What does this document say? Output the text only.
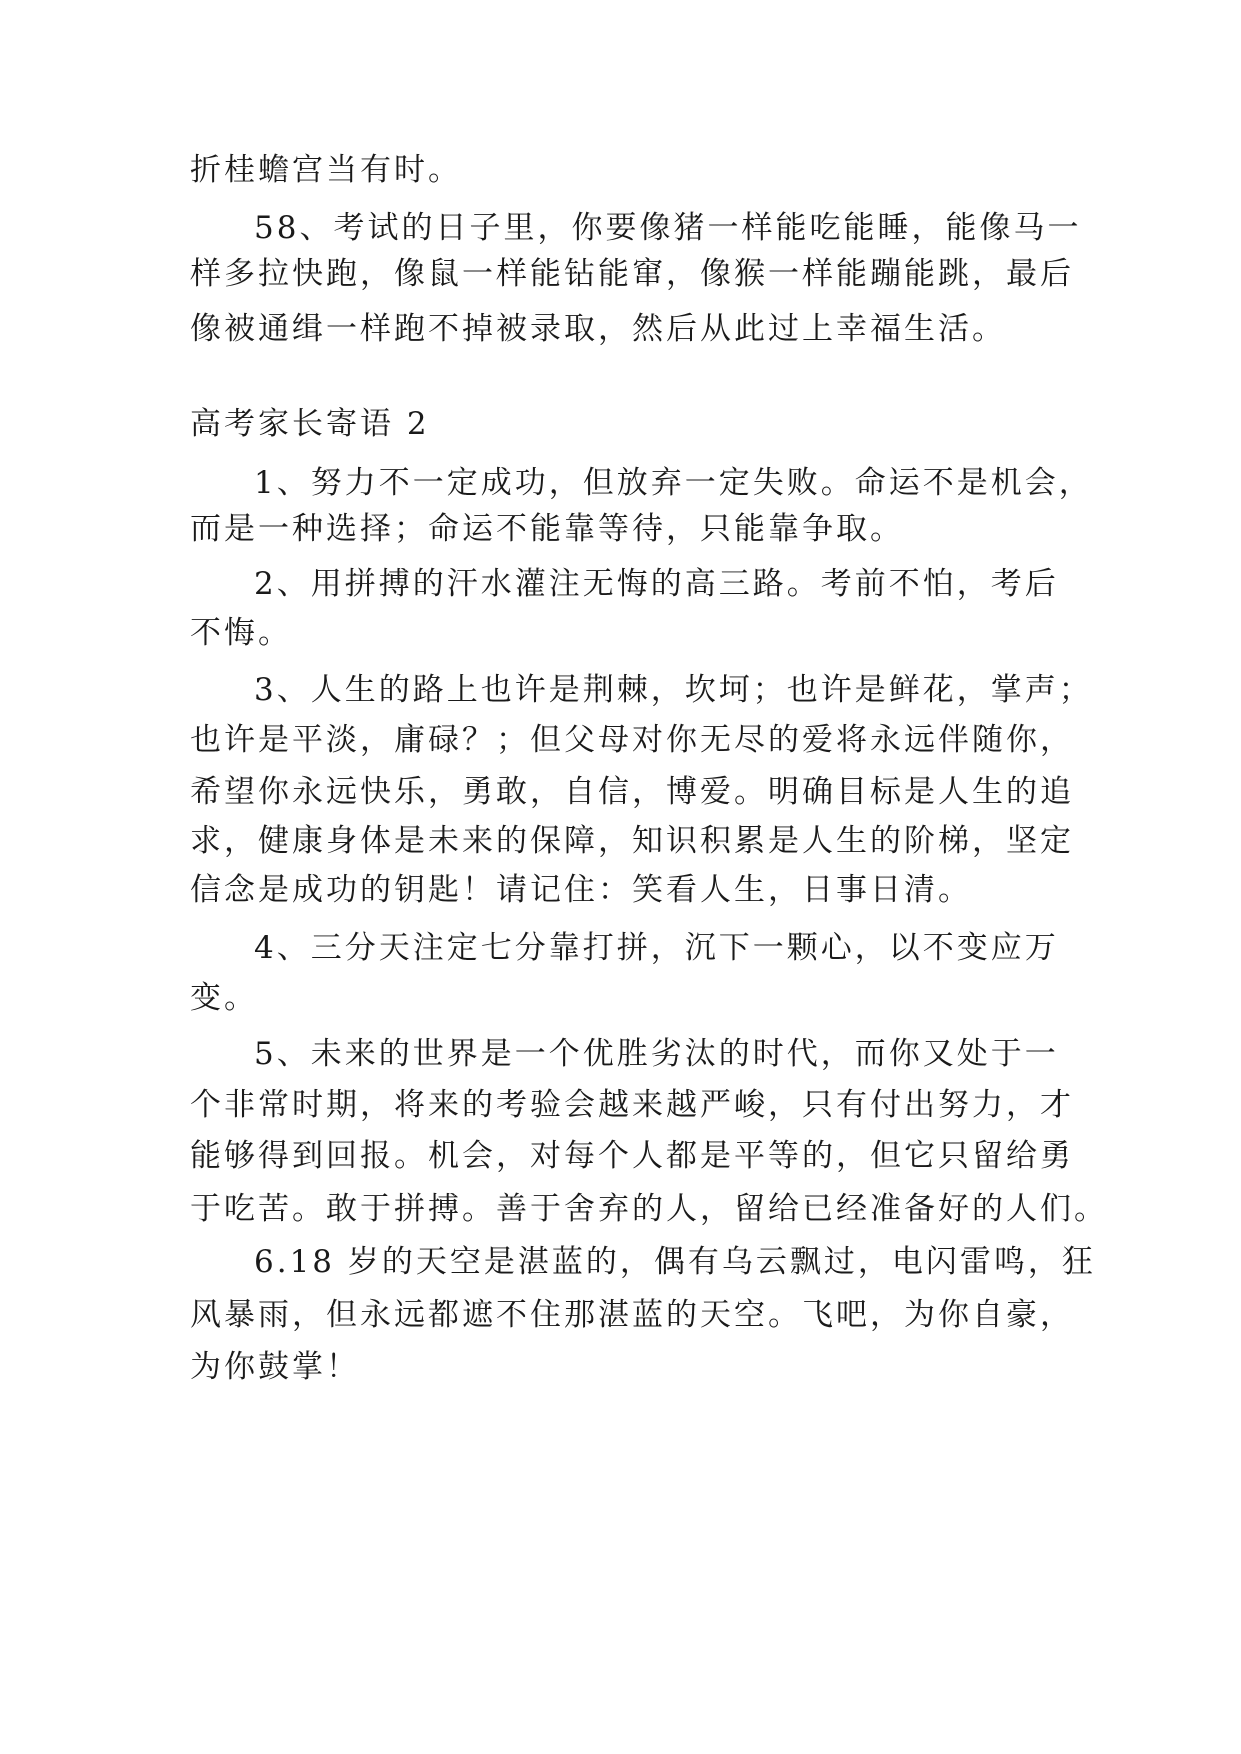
折桂蟾宫当有时。
58、考试的日子里，你要像猪一样能吃能睡，能像马一
样多拉快跑，像鼠一样能钻能窜，像猴一样能蹦能跳，最后
像被通缉一样跑不掉被录取，然后从此过上幸福生活。
高考家长寄语 2
1、努力不一定成功，但放弃一定失败。命运不是机会，
而是一种选择；命运不能靠等待，只能靠争取。
2、用拼搏的汗水灌注无悔的高三路。考前不怕，考后
不悔。
3、人生的路上也许是荆棘，坎坷；也许是鲜花，掌声；
也许是平淡，庸碌？；但父母对你无尽的爱将永远伴随你，
希望你永远快乐，勇敢，自信，博爱。明确目标是人生的追
求，健康身体是未来的保障，知识积累是人生的阶梯，坚定
信念是成功的钥匙！请记住：笑看人生，日事日清。
4、三分天注定七分靠打拼，沉下一颗心，以不变应万
变。
5、未来的世界是一个优胜劣汰的时代，而你又处于一
个非常时期，将来的考验会越来越严峻，只有付出努力，才
能够得到回报。机会，对每个人都是平等的，但它只留给勇
于吃苦。敢于拼搏。善于舍弃的人，留给已经准备好的人们。
6.18 岁的天空是湛蓝的，偶有乌云飘过，电闪雷鸣，狂
风暴雨，但永远都遮不住那湛蓝的天空。飞吧，为你自豪，
为你鼓掌！
